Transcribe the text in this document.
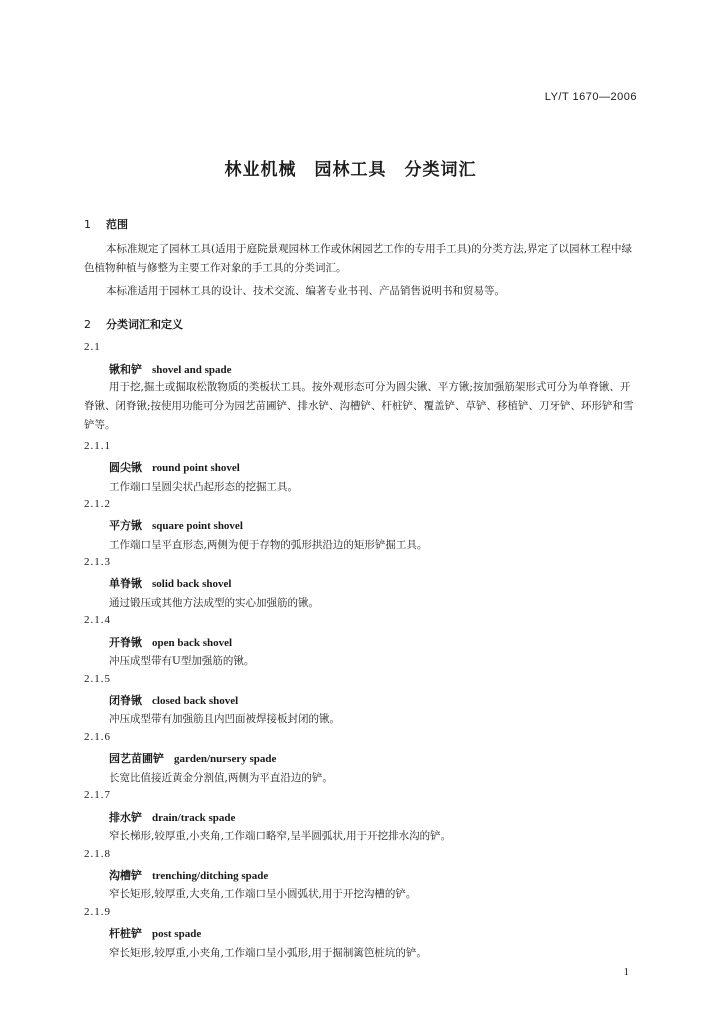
LY/T 1670—2006
林业机械　园林工具　分类词汇
1 范围
本标准规定了园林工具(适用于庭院景观园林工作或休闲园艺工作的专用手工具)的分类方法,界定了以园林工程中绿色植物种植与修整为主要工作对象的手工具的分类词汇。
本标准适用于园林工具的设计、技术交流、编著专业书刊、产品销售说明书和贸易等。
2 分类词汇和定义
2.1
锹和铲 shovel and spade
用于挖,掘土或掘取松散物质的类板状工具。按外观形态可分为圆尖锹、平方锹;按加强筋架形式可分为单脊锹、开脊锹、闭脊锹;按使用功能可分为园艺苗圃铲、排水铲、沟槽铲、杆桩铲、覆盖铲、草铲、移植铲、刀牙铲、环形铲和雪铲等。
2.1.1
圆尖锹 round point shovel
工作端口呈圆尖状凸起形态的挖掘工具。
2.1.2
平方锹 square point shovel
工作端口呈平直形态,两侧为便于存物的弧形拱沿边的矩形铲掘工具。
2.1.3
单脊锹 solid back shovel
通过锻压或其他方法成型的实心加强筋的锹。
2.1.4
开脊锹 open back shovel
冲压成型带有U型加强筋的锹。
2.1.5
闭脊锹 closed back shovel
冲压成型带有加强筋且内凹面被焊接板封闭的锹。
2.1.6
园艺苗圃铲 garden/nursery spade
长宽比值接近黄金分割值,两侧为平直沿边的铲。
2.1.7
排水铲 drain/track spade
窄长梯形,较厚重,小夹角,工作端口略窄,呈半圆弧状,用于开挖排水沟的铲。
2.1.8
沟槽铲 trenching/ditching spade
窄长矩形,较厚重,大夹角,工作端口呈小圆弧状,用于开挖沟槽的铲。
2.1.9
杆桩铲 post spade
窄长矩形,较厚重,小夹角,工作端口呈小弧形,用于掘制篱笆桩坑的铲。
1
